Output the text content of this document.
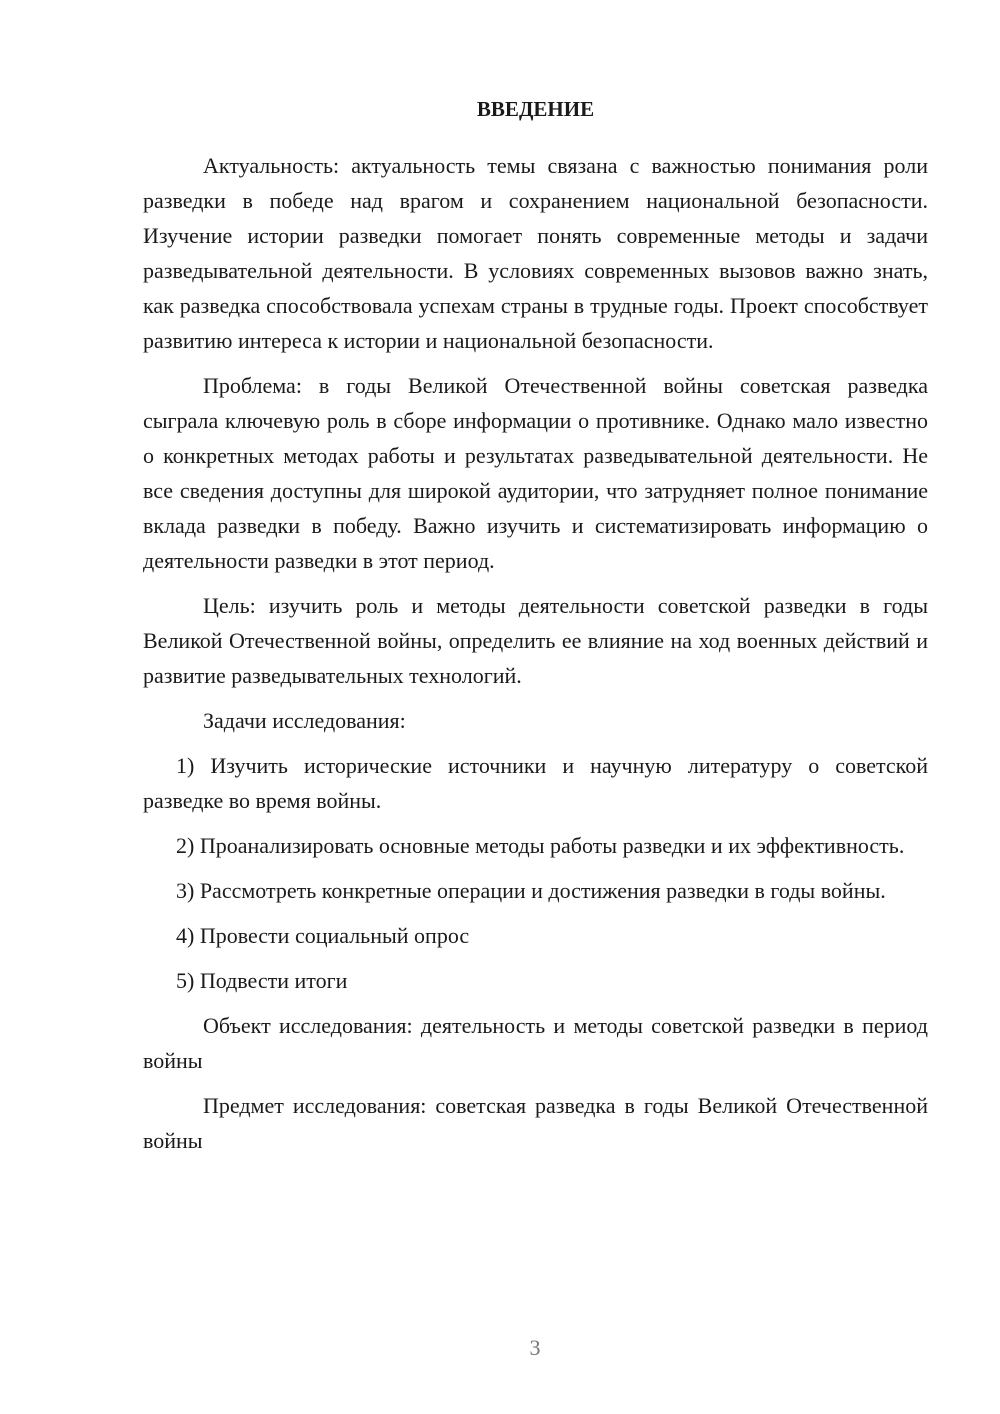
ВВЕДЕНИЕ

Актуальность: актуальность темы связана с важностью понимания роли разведки в победе над врагом и сохранением национальной безопасности. Изучение истории разведки помогает понять современные методы и задачи разведывательной деятельности. В условиях современных вызовов важно знать, как разведка способствовала успехам страны в трудные годы. Проект способствует развитию интереса к истории и национальной безопасности.

Проблема: в годы Великой Отечественной войны советская разведка сыграла ключевую роль в сборе информации о противнике. Однако мало известно о конкретных методах работы и результатах разведывательной деятельности. Не все сведения доступны для широкой аудитории, что затрудняет полное понимание вклада разведки в победу. Важно изучить и систематизировать информацию о деятельности разведки в этот период.

Цель: изучить роль и методы деятельности советской разведки в годы Великой Отечественной войны, определить ее влияние на ход военных действий и развитие разведывательных технологий.

Задачи исследования:

1) Изучить исторические источники и научную литературу о советской разведке во время войны.

2) Проанализировать основные методы работы разведки и их эффективность.

3) Рассмотреть конкретные операции и достижения разведки в годы войны.

4) Провести социальный опрос

5) Подвести итоги

Объект исследования: деятельность и методы советской разведки в период войны

Предмет исследования: советская разведка в годы Великой Отечественной войны

3
